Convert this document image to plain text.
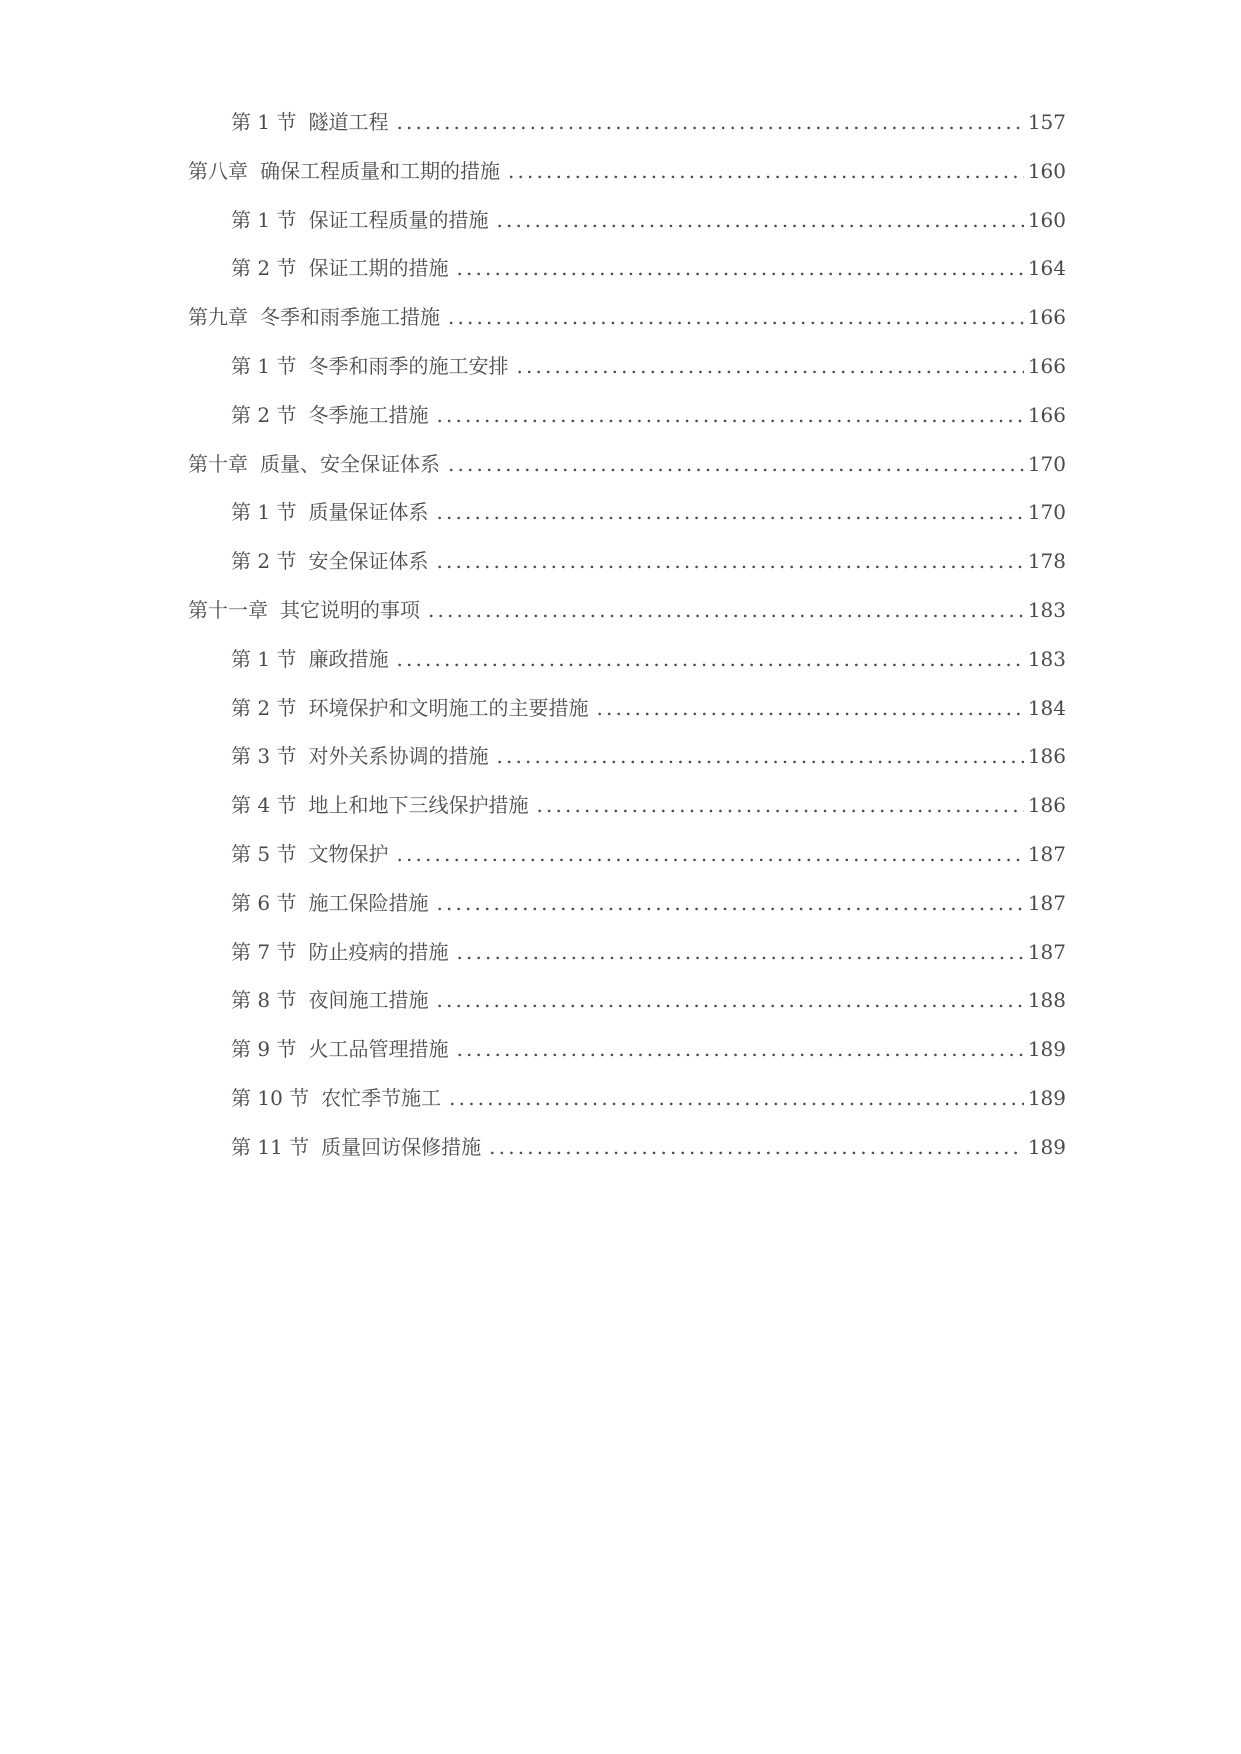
第 1 节 隧道工程 . . .	157
第八章 确保工程质量和工期的措施 . . .	160
第 1 节 保证工程质量的措施 . . .	160
第 2 节 保证工期的措施 . . .	164
第九章 冬季和雨季施工措施 . . .	166
第 1 节 冬季和雨季的施工安排 . . .	166
第 2 节 冬季施工措施 . . .	166
第十章 质量、安全保证体系 . . .	170
第 1 节 质量保证体系 . . .	170
第 2 节 安全保证体系 . . .	178
第十一章 其它说明的事项 . . .	183
第 1 节 廉政措施 . . .	183
第 2 节 环境保护和文明施工的主要措施 . . .	184
第 3 节 对外关系协调的措施 . . .	186
第 4 节 地上和地下三线保护措施 . . .	186
第 5 节 文物保护 . . .	187
第 6 节 施工保险措施 . . .	187
第 7 节 防止疫病的措施 . . .	187
第 8 节 夜间施工措施 . . .	188
第 9 节 火工品管理措施 . . .	189
第 10 节 农忙季节施工 . . .	189
第 11 节 质量回访保修措施 . . .	189
